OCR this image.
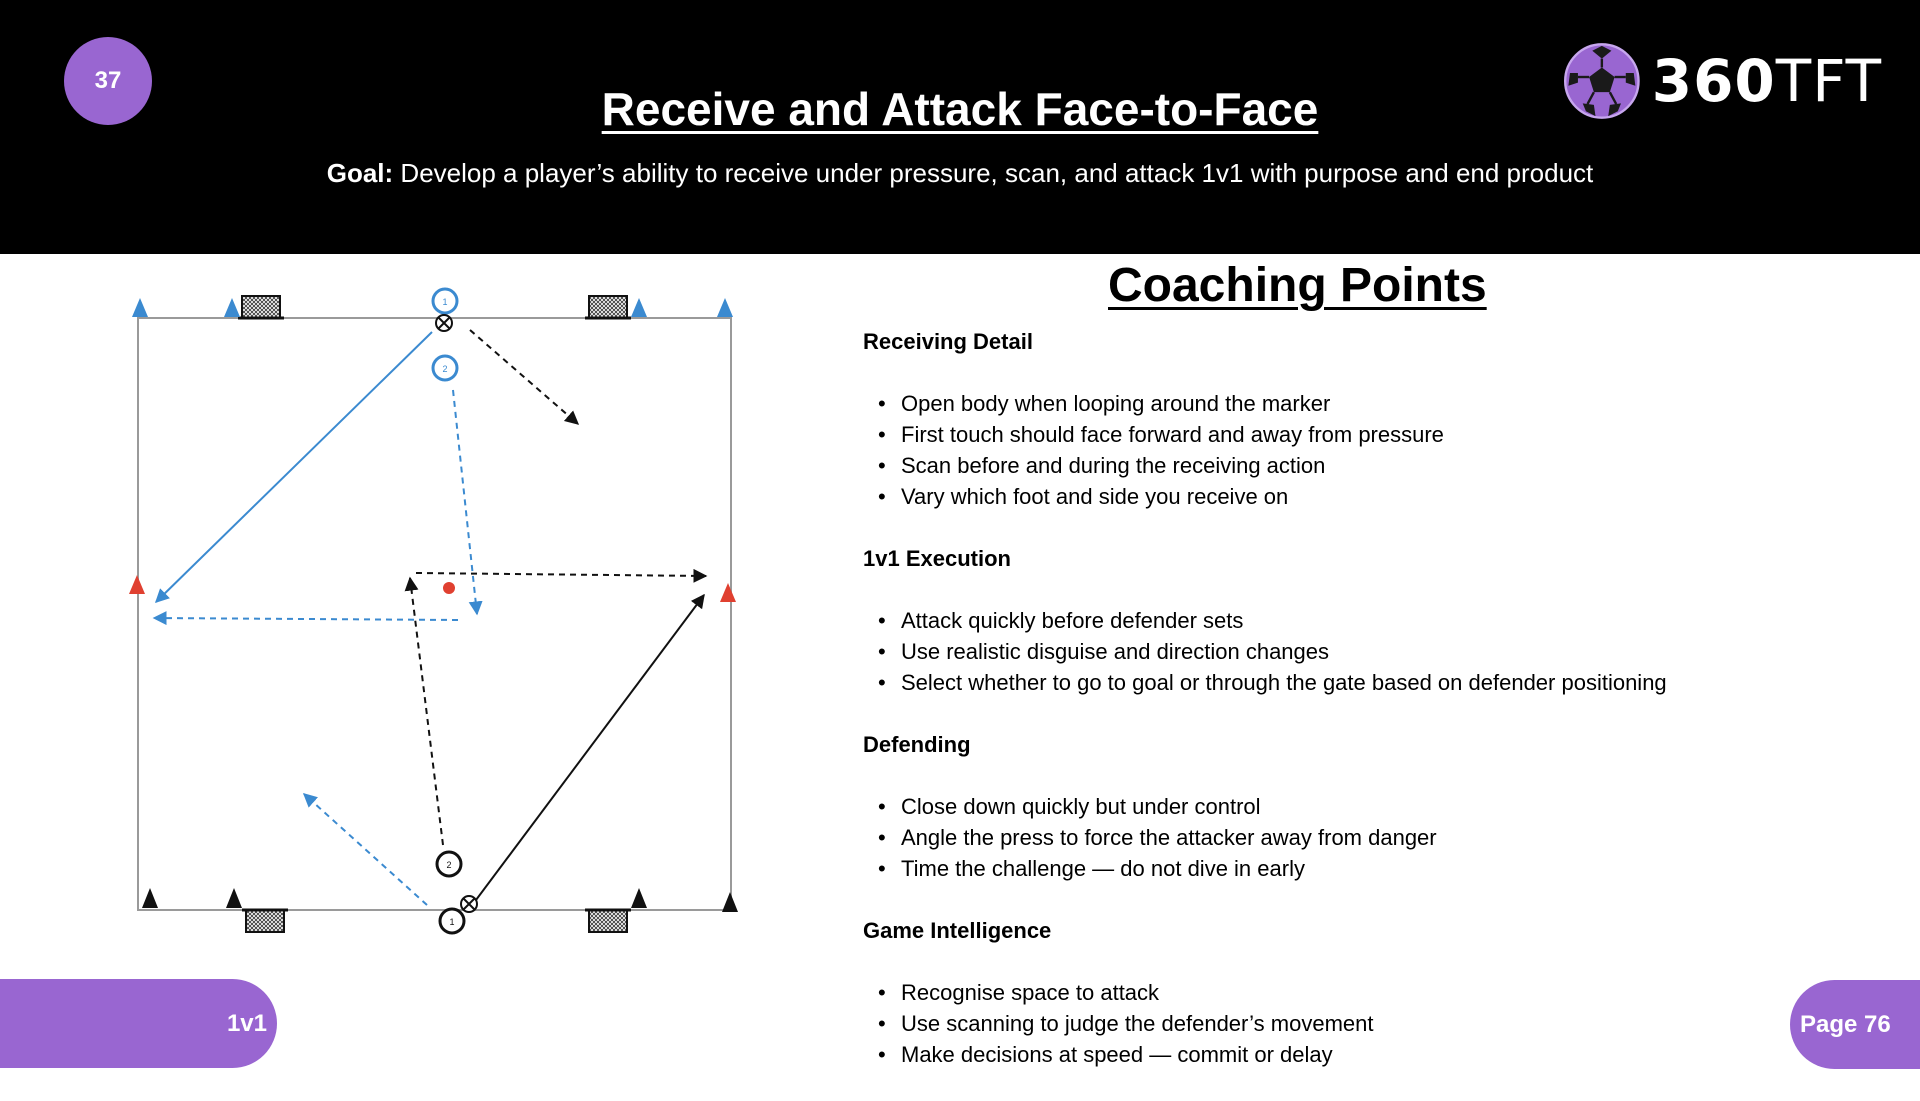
37
Receive and Attack Face-to-Face
Goal: Develop a player’s ability to receive under pressure, scan, and attack 1v1 with purpose and end product
360TFT
1
2
2
1
Coaching Points
Receiving Detail
• Open body when looping around the marker
• First touch should face forward and away from pressure
• Scan before and during the receiving action
• Vary which foot and side you receive on
1v1 Execution
• Attack quickly before defender sets
• Use realistic disguise and direction changes
• Select whether to go to goal or through the gate based on defender positioning
Defending
• Close down quickly but under control
• Angle the press to force the attacker away from danger
• Time the challenge — do not dive in early
Game Intelligence
• Recognise space to attack
• Use scanning to judge the defender’s movement
• Make decisions at speed — commit or delay
1v1	Page 76
